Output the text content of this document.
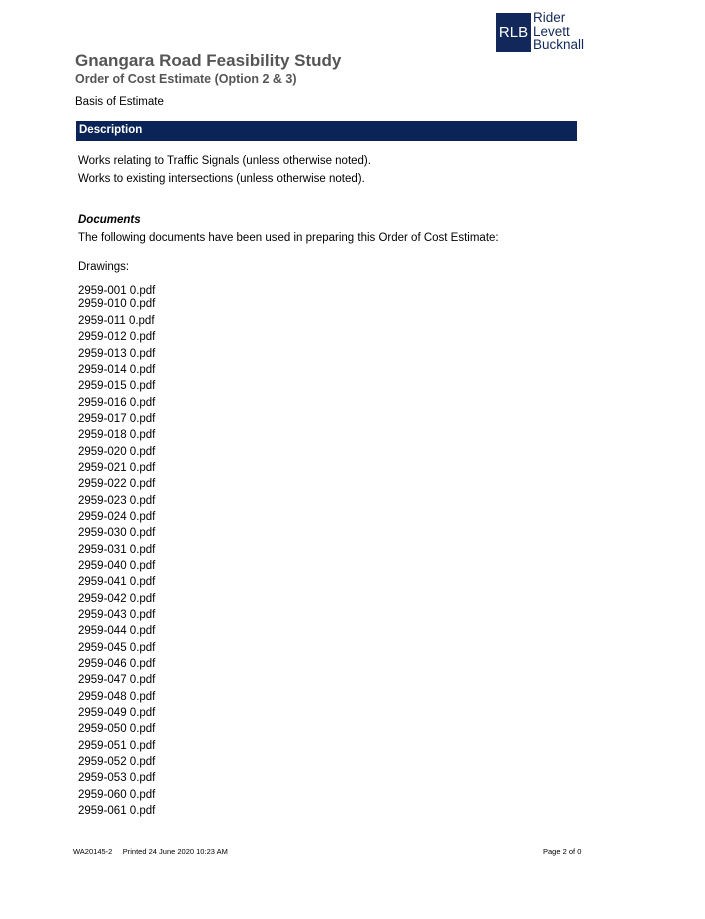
RLB
Rider
Levett
Bucknall
Gnangara Road Feasibility Study
Order of Cost Estimate (Option 2 & 3)
Basis of Estimate
Description
Works relating to Traffic Signals (unless otherwise noted).
Works to existing intersections (unless otherwise noted).
Documents
The following documents have been used in preparing this Order of Cost Estimate:
Drawings:
2959-001 0.pdf
2959-010 0.pdf
2959-011 0.pdf
2959-012 0.pdf
2959-013 0.pdf
2959-014 0.pdf
2959-015 0.pdf
2959-016 0.pdf
2959-017 0.pdf
2959-018 0.pdf
2959-020 0.pdf
2959-021 0.pdf
2959-022 0.pdf
2959-023 0.pdf
2959-024 0.pdf
2959-030 0.pdf
2959-031 0.pdf
2959-040 0.pdf
2959-041 0.pdf
2959-042 0.pdf
2959-043 0.pdf
2959-044 0.pdf
2959-045 0.pdf
2959-046 0.pdf
2959-047 0.pdf
2959-048 0.pdf
2959-049 0.pdf
2959-050 0.pdf
2959-051 0.pdf
2959-052 0.pdf
2959-053 0.pdf
2959-060 0.pdf
2959-061 0.pdf
WA20145-2 Printed 24 June 2020 10:23 AM	Page 2 of 0
